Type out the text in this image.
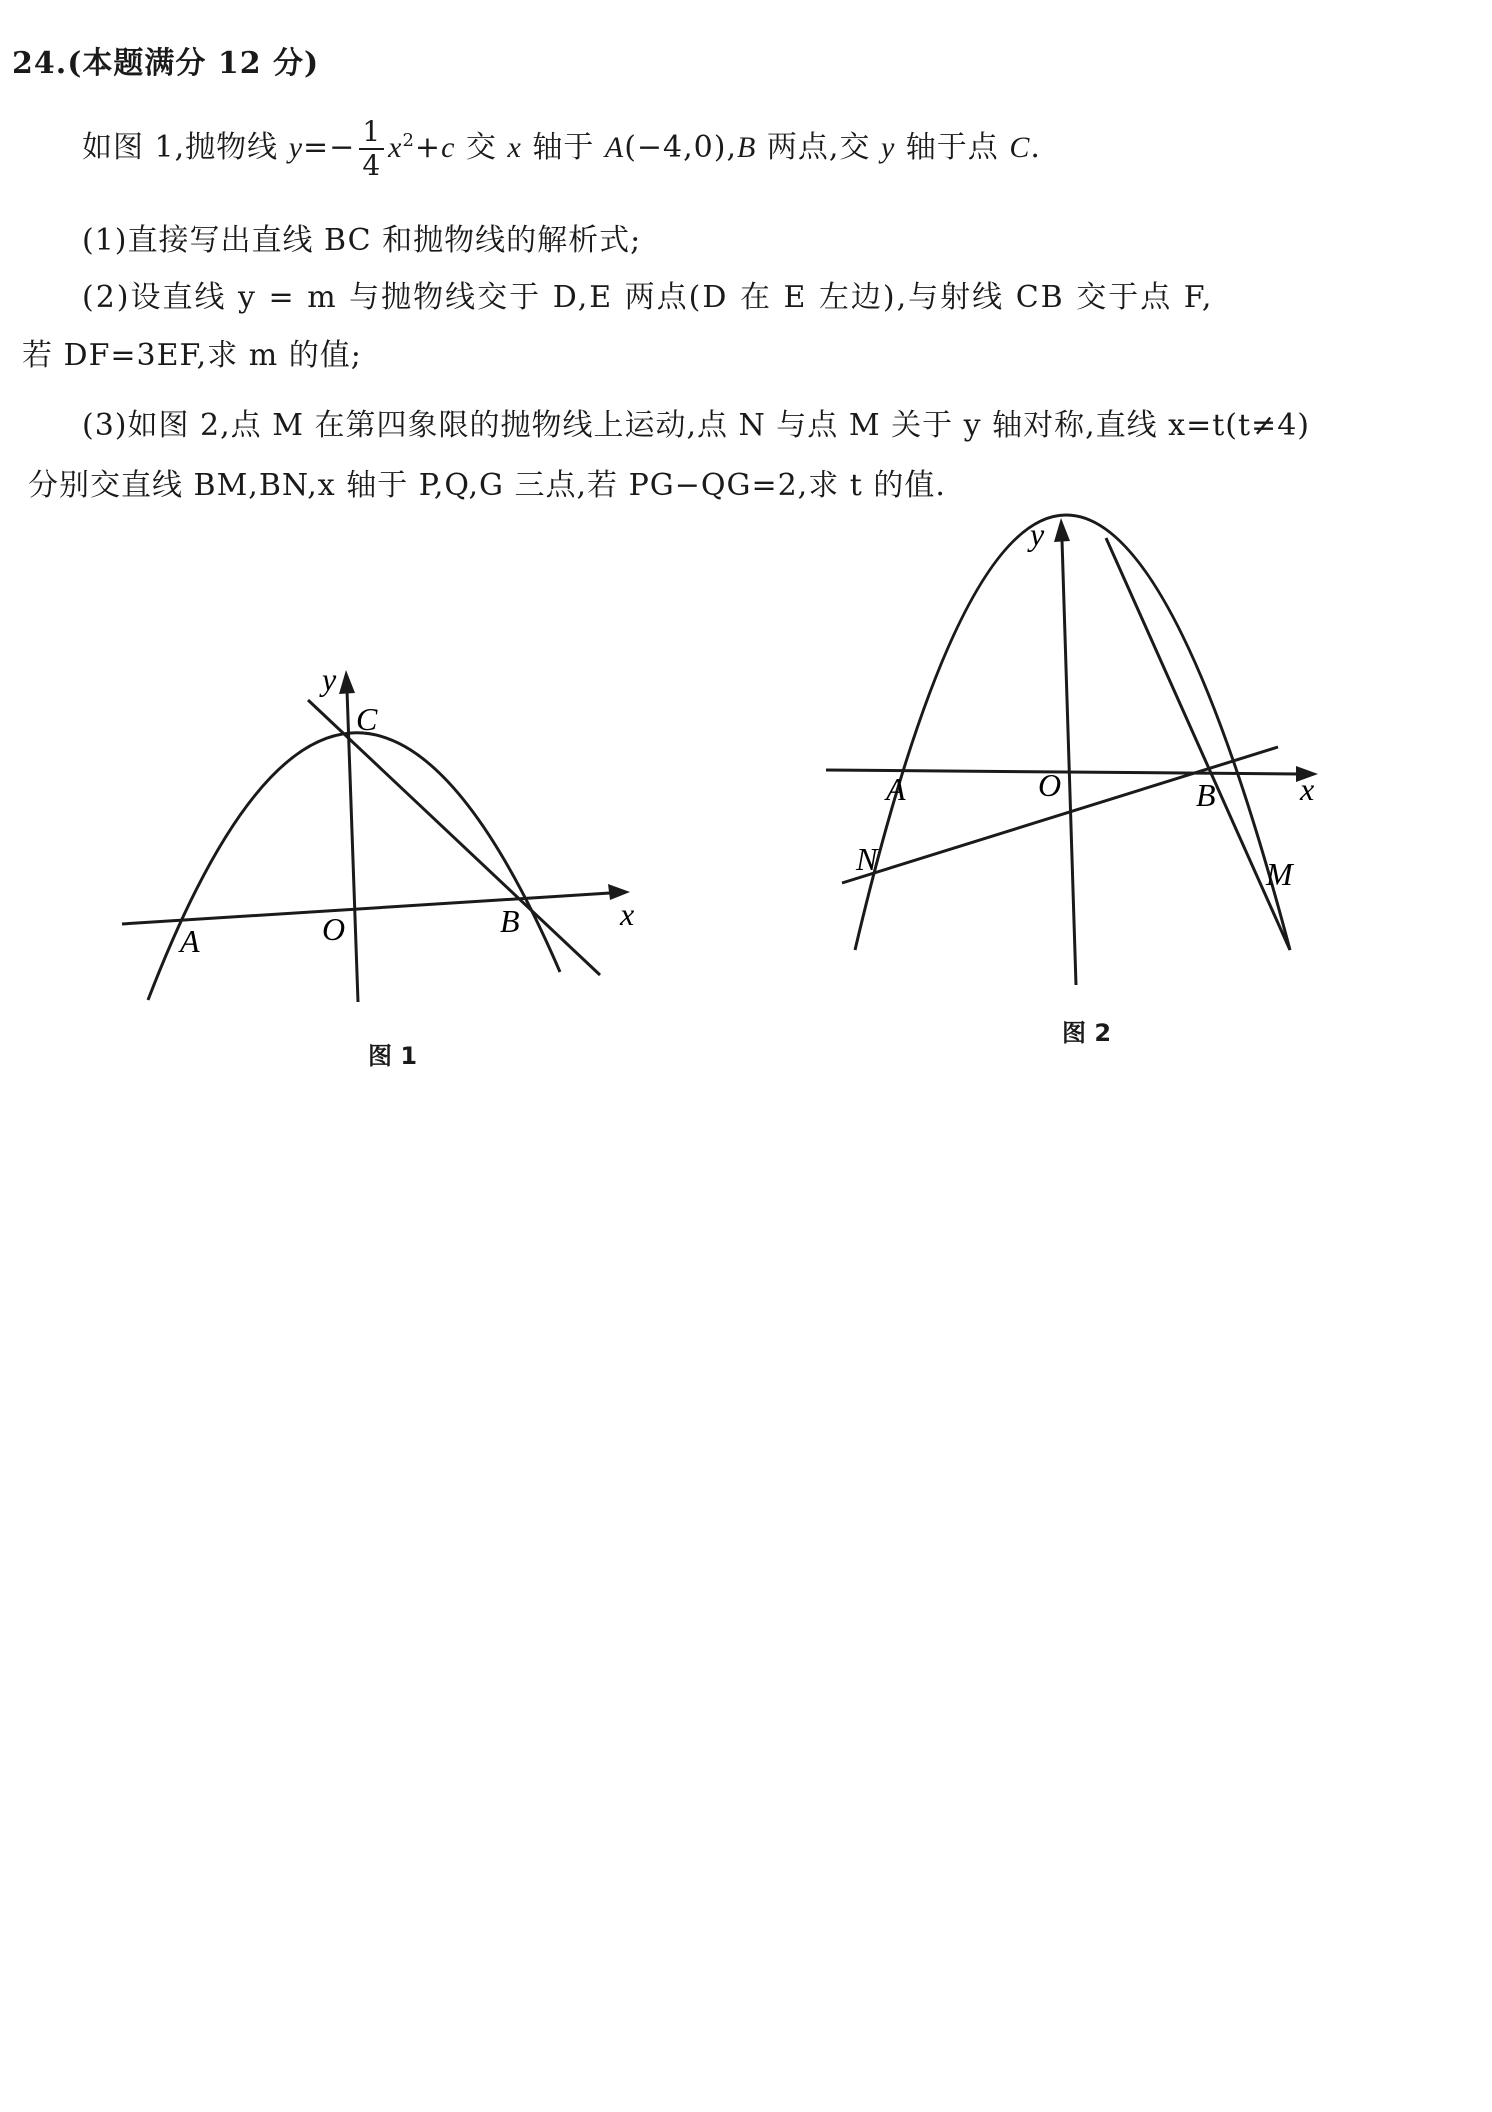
24.(本题满分 12 分)
如图 1,抛物线 $y=- \frac{1}{4} x^2+c$ 交 x 轴于 A(−4,0),B 两点,交 y 轴于点 C.
(1)直接写出直线 BC 和抛物线的解析式;
(2)设直线 y = m 与抛物线交于 D,E 两点(D 在 E 左边),与射线 CB 交于点 F,
若 DF=3EF,求 m 的值;
(3)如图 2,点 M 在第四象限的抛物线上运动,点 N 与点 M 关于 y 轴对称,直线 x=t(t≠4)
分别交直线 BM,BN,x 轴于 P,Q,G 三点,若 PG−QG=2,求 t 的值.
y
C
A	O	B	x
图 1
y
A	O	B	x
N	M
图 2
